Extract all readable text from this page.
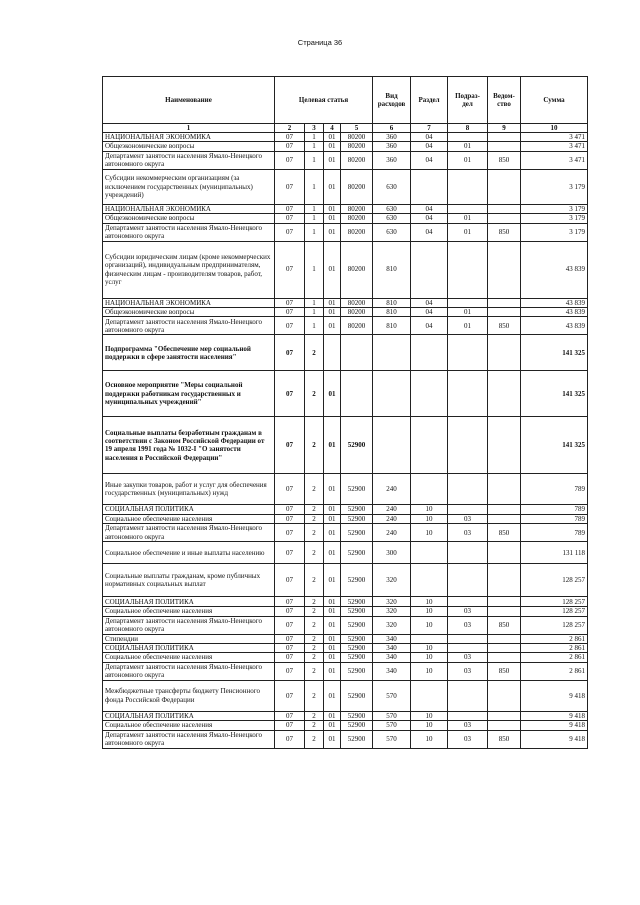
Страница 36
Наименование	Целевая статья				Вид расходов	Раздел	Подраз-дел	Ведом-ство	Сумма
1	2	3	4	5	6	7	8	9	10
НАЦИОНАЛЬНАЯ ЭКОНОМИКА	07	1	01	80200	360	04			3 471
Общеэкономические вопросы	07	1	01	80200	360	04	01		3 471
Департамент занятости населения Ямало-Ненецкого автономного округа	07	1	01	80200	360	04	01	850	3 471
Субсидии некоммерческим организациям (за исключением государственных (муниципальных) учреждений)	07	1	01	80200	630				3 179
НАЦИОНАЛЬНАЯ ЭКОНОМИКА	07	1	01	80200	630	04			3 179
Общеэкономические вопросы	07	1	01	80200	630	04	01		3 179
Департамент занятости населения Ямало-Ненецкого автономного округа	07	1	01	80200	630	04	01	850	3 179
Субсидии юридическим лицам (кроме некоммерческих организаций), индивидуальным предпринимателям, физическим лицам - производителям товаров, работ, услуг	07	1	01	80200	810				43 839
НАЦИОНАЛЬНАЯ ЭКОНОМИКА	07	1	01	80200	810	04			43 839
Общеэкономические вопросы	07	1	01	80200	810	04	01		43 839
Департамент занятости населения Ямало-Ненецкого автономного округа	07	1	01	80200	810	04	01	850	43 839
Подпрограмма "Обеспечение мер социальной поддержки в сфере занятости населения"	07	2							141 325
Основное мероприятие "Меры социальной поддержки работникам государственных и муниципальных учреждений"	07	2	01						141 325
Социальные выплаты безработным гражданам в соответствии с Законом Российской Федерации от 19 апреля 1991 года № 1032-I "О занятости населения в Российской Федерации"	07	2	01	52900					141 325
Иные закупки товаров, работ и услуг для обеспечения государственных (муниципальных) нужд	07	2	01	52900	240				789
СОЦИАЛЬНАЯ ПОЛИТИКА	07	2	01	52900	240	10			789
Социальное обеспечение населения	07	2	01	52900	240	10	03		789
Департамент занятости населения Ямало-Ненецкого автономного округа	07	2	01	52900	240	10	03	850	789
Социальное обеспечение и иные выплаты населению	07	2	01	52900	300				131 118
Социальные выплаты гражданам, кроме публичных нормативных социальных выплат	07	2	01	52900	320				128 257
СОЦИАЛЬНАЯ ПОЛИТИКА	07	2	01	52900	320	10			128 257
Социальное обеспечение населения	07	2	01	52900	320	10	03		128 257
Департамент занятости населения Ямало-Ненецкого автономного округа	07	2	01	52900	320	10	03	850	128 257
Стипендии	07	2	01	52900	340				2 861
СОЦИАЛЬНАЯ ПОЛИТИКА	07	2	01	52900	340	10			2 861
Социальное обеспечение населения	07	2	01	52900	340	10	03		2 861
Департамент занятости населения Ямало-Ненецкого автономного округа	07	2	01	52900	340	10	03	850	2 861
Межбюджетные трансферты бюджету Пенсионного фонда Российской Федерации	07	2	01	52900	570				9 418
СОЦИАЛЬНАЯ ПОЛИТИКА	07	2	01	52900	570	10			9 418
Социальное обеспечение населения	07	2	01	52900	570	10	03		9 418
Департамент занятости населения Ямало-Ненецкого автономного округа	07	2	01	52900	570	10	03	850	9 418
